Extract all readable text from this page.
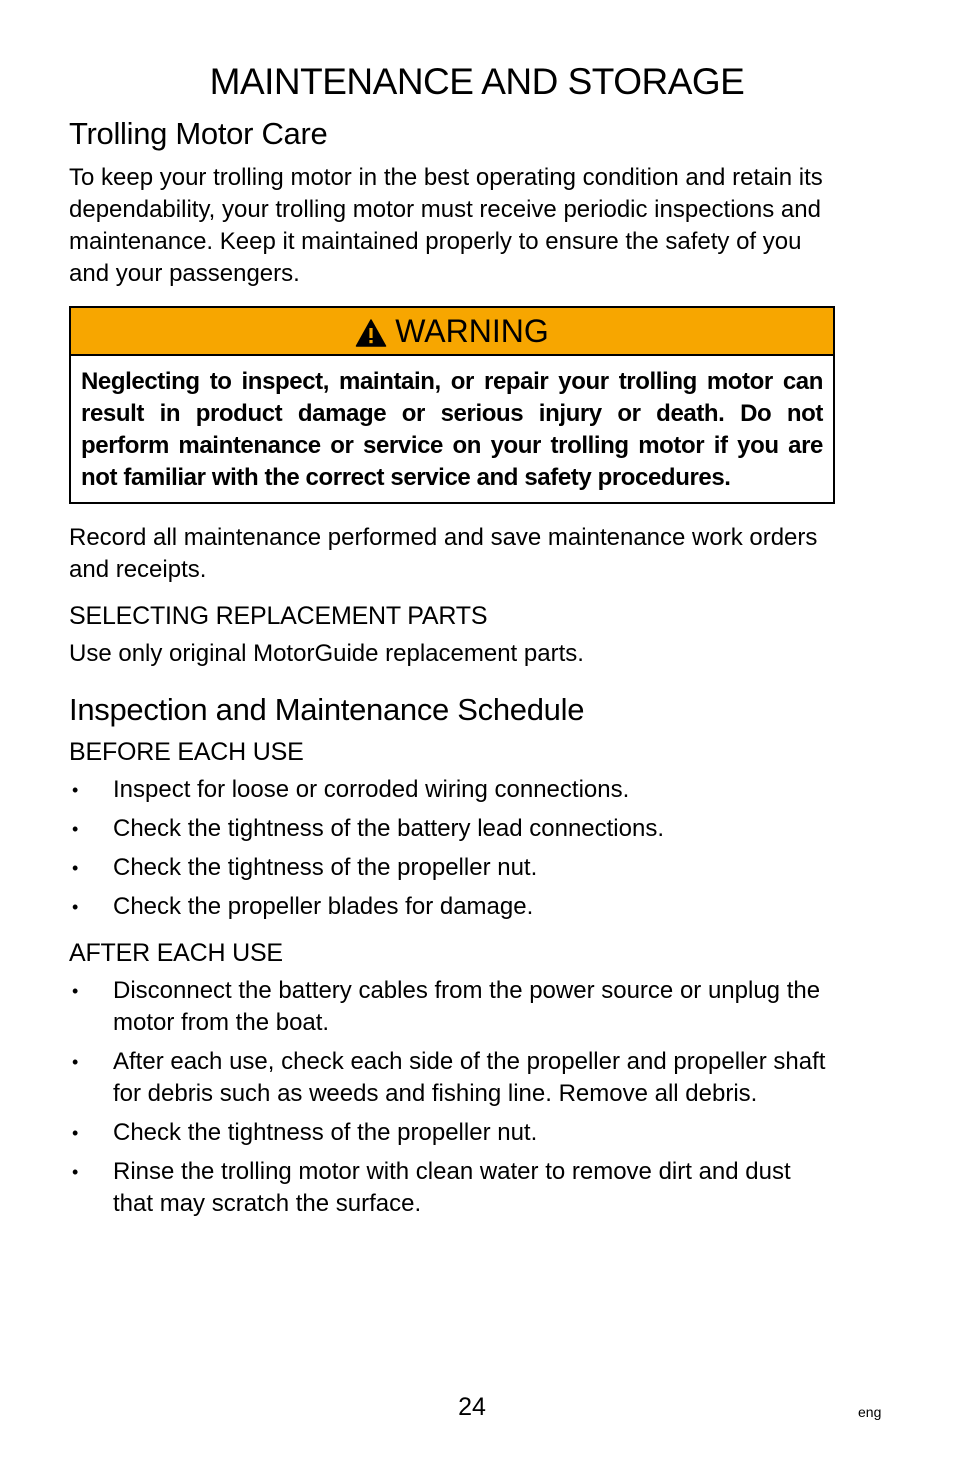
MAINTENANCE AND STORAGE
Trolling Motor Care

To keep your trolling motor in the best operating condition and retain its dependability, your trolling motor must receive periodic inspections and maintenance. Keep it maintained properly to ensure the safety of you and your passengers.

WARNING
Neglecting to inspect, maintain, or repair your trolling motor can result in product damage or serious injury or death. Do not perform maintenance or service on your trolling motor if you are not familiar with the correct service and safety procedures.

Record all maintenance performed and save maintenance work orders and receipts.

SELECTING REPLACEMENT PARTS

Use only original MotorGuide replacement parts.

Inspection and Maintenance Schedule
BEFORE EACH USE
•	Inspect for loose or corroded wiring connections.
•	Check the tightness of the battery lead connections.
•	Check the tightness of the propeller nut.
•	Check the propeller blades for damage.
AFTER EACH USE
•	Disconnect the battery cables from the power source or unplug the motor from the boat.
•	After each use, check each side of the propeller and propeller shaft for debris such as weeds and fishing line. Remove all debris.
•	Check the tightness of the propeller nut.
•	Rinse the trolling motor with clean water to remove dirt and dust that may scratch the surface.
24	eng
